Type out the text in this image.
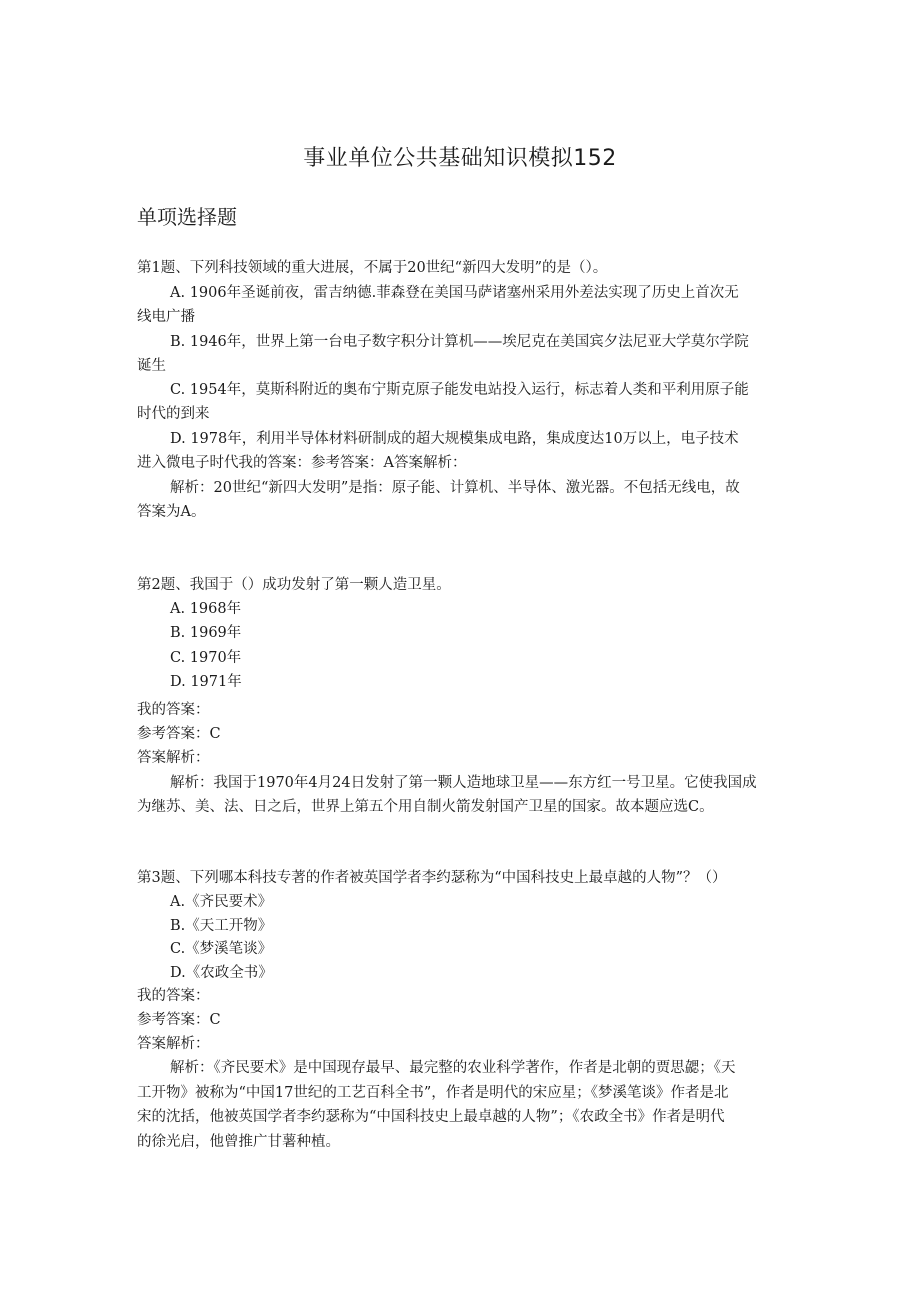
事业单位公共基础知识模拟152
单项选择题
第1题、下列科技领域的重大进展，不属于20世纪“新四大发明”的是（）。
A. 1906年圣诞前夜，雷吉纳德.菲森登在美国马萨诸塞州采用外差法实现了历史上首次无
线电广播
B. 1946年，世界上第一台电子数字积分计算机——埃尼克在美国宾夕法尼亚大学莫尔学院
诞生
C. 1954年，莫斯科附近的奥布宁斯克原子能发电站投入运行，标志着人类和平利用原子能
时代的到来
D. 1978年，利用半导体材料研制成的超大规模集成电路，集成度达10万以上，电子技术
进入微电子时代我的答案：参考答案：A答案解析：
解析：20世纪“新四大发明”是指：原子能、计算机、半导体、激光器。不包括无线电，故
答案为A。
第2题、我国于（）成功发射了第一颗人造卫星。
A. 1968年
B. 1969年
C. 1970年
D. 1971年
我的答案：
参考答案：C
答案解析：
解析：我国于1970年4月24日发射了第一颗人造地球卫星——东方红一号卫星。它使我国成
为继苏、美、法、日之后，世界上第五个用自制火箭发射国产卫星的国家。故本题应选C。
第3题、下列哪本科技专著的作者被英国学者李约瑟称为“中国科技史上最卓越的人物”？（）
A.《齐民要术》
B.《天工开物》
C.《梦溪笔谈》
D.《农政全书》
我的答案：
参考答案：C
答案解析：
解析：《齐民要术》是中国现存最早、最完整的农业科学著作，作者是北朝的贾思勰；《天
工开物》被称为“中国17世纪的工艺百科全书”，作者是明代的宋应星；《梦溪笔谈》作者是北
宋的沈括，他被英国学者李约瑟称为“中国科技史上最卓越的人物”；《农政全书》作者是明代
的徐光启，他曾推广甘薯种植。
